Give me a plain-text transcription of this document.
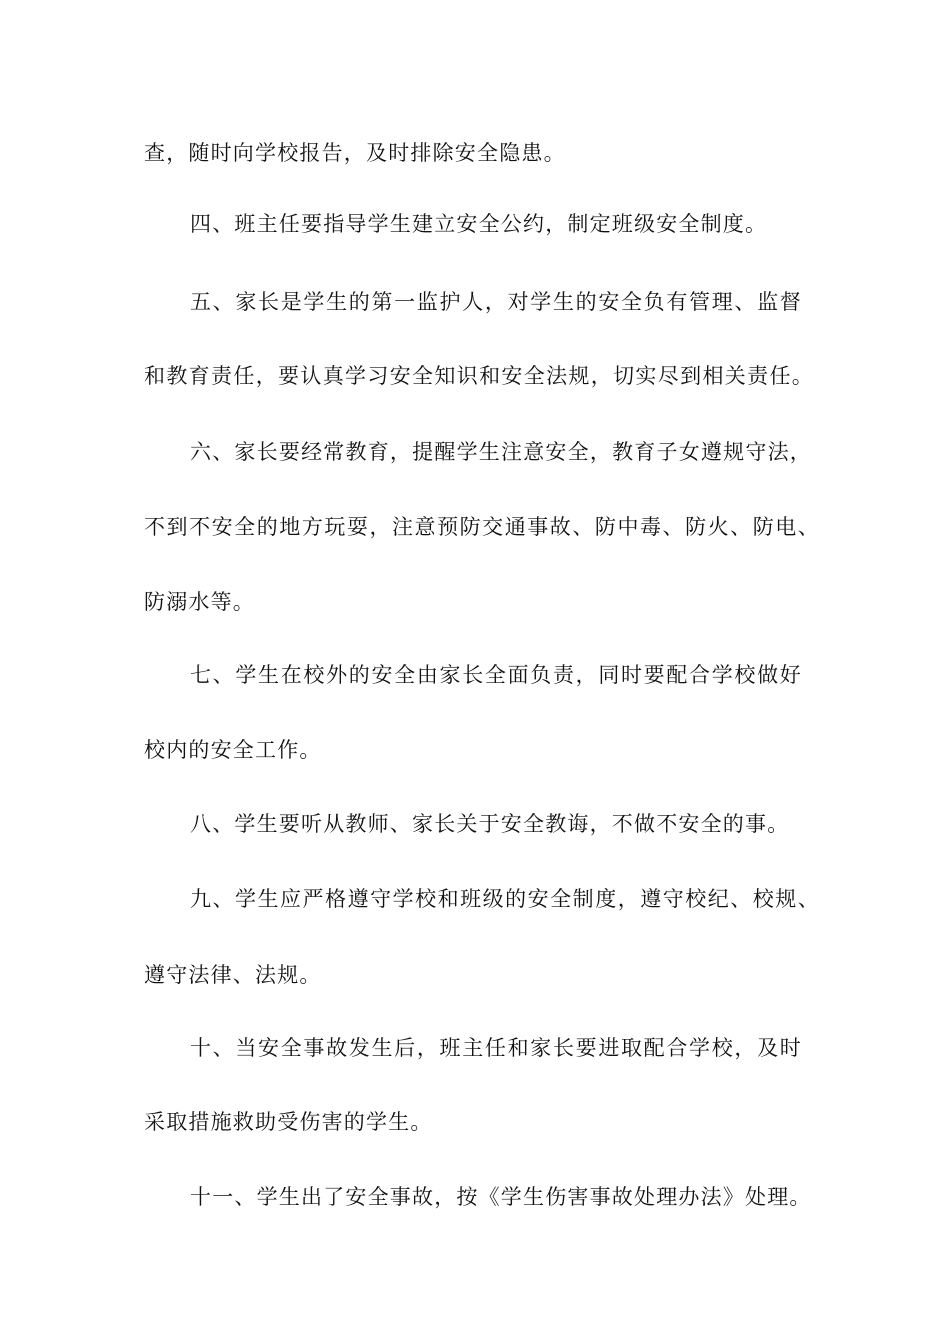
查，随时向学校报告，及时排除安全隐患。
四、班主任要指导学生建立安全公约，制定班级安全制度。
五、家长是学生的第一监护人，对学生的安全负有管理、监督
和教育责任，要认真学习安全知识和安全法规，切实尽到相关责任。
六、家长要经常教育，提醒学生注意安全，教育子女遵规守法，
不到不安全的地方玩耍，注意预防交通事故、防中毒、防火、防电、
防溺水等。
七、学生在校外的安全由家长全面负责，同时要配合学校做好
校内的安全工作。
八、学生要听从教师、家长关于安全教诲，不做不安全的事。
九、学生应严格遵守学校和班级的安全制度，遵守校纪、校规、
遵守法律、法规。
十、当安全事故发生后，班主任和家长要进取配合学校，及时
采取措施救助受伤害的学生。
十一、学生出了安全事故，按《学生伤害事故处理办法》处理。
